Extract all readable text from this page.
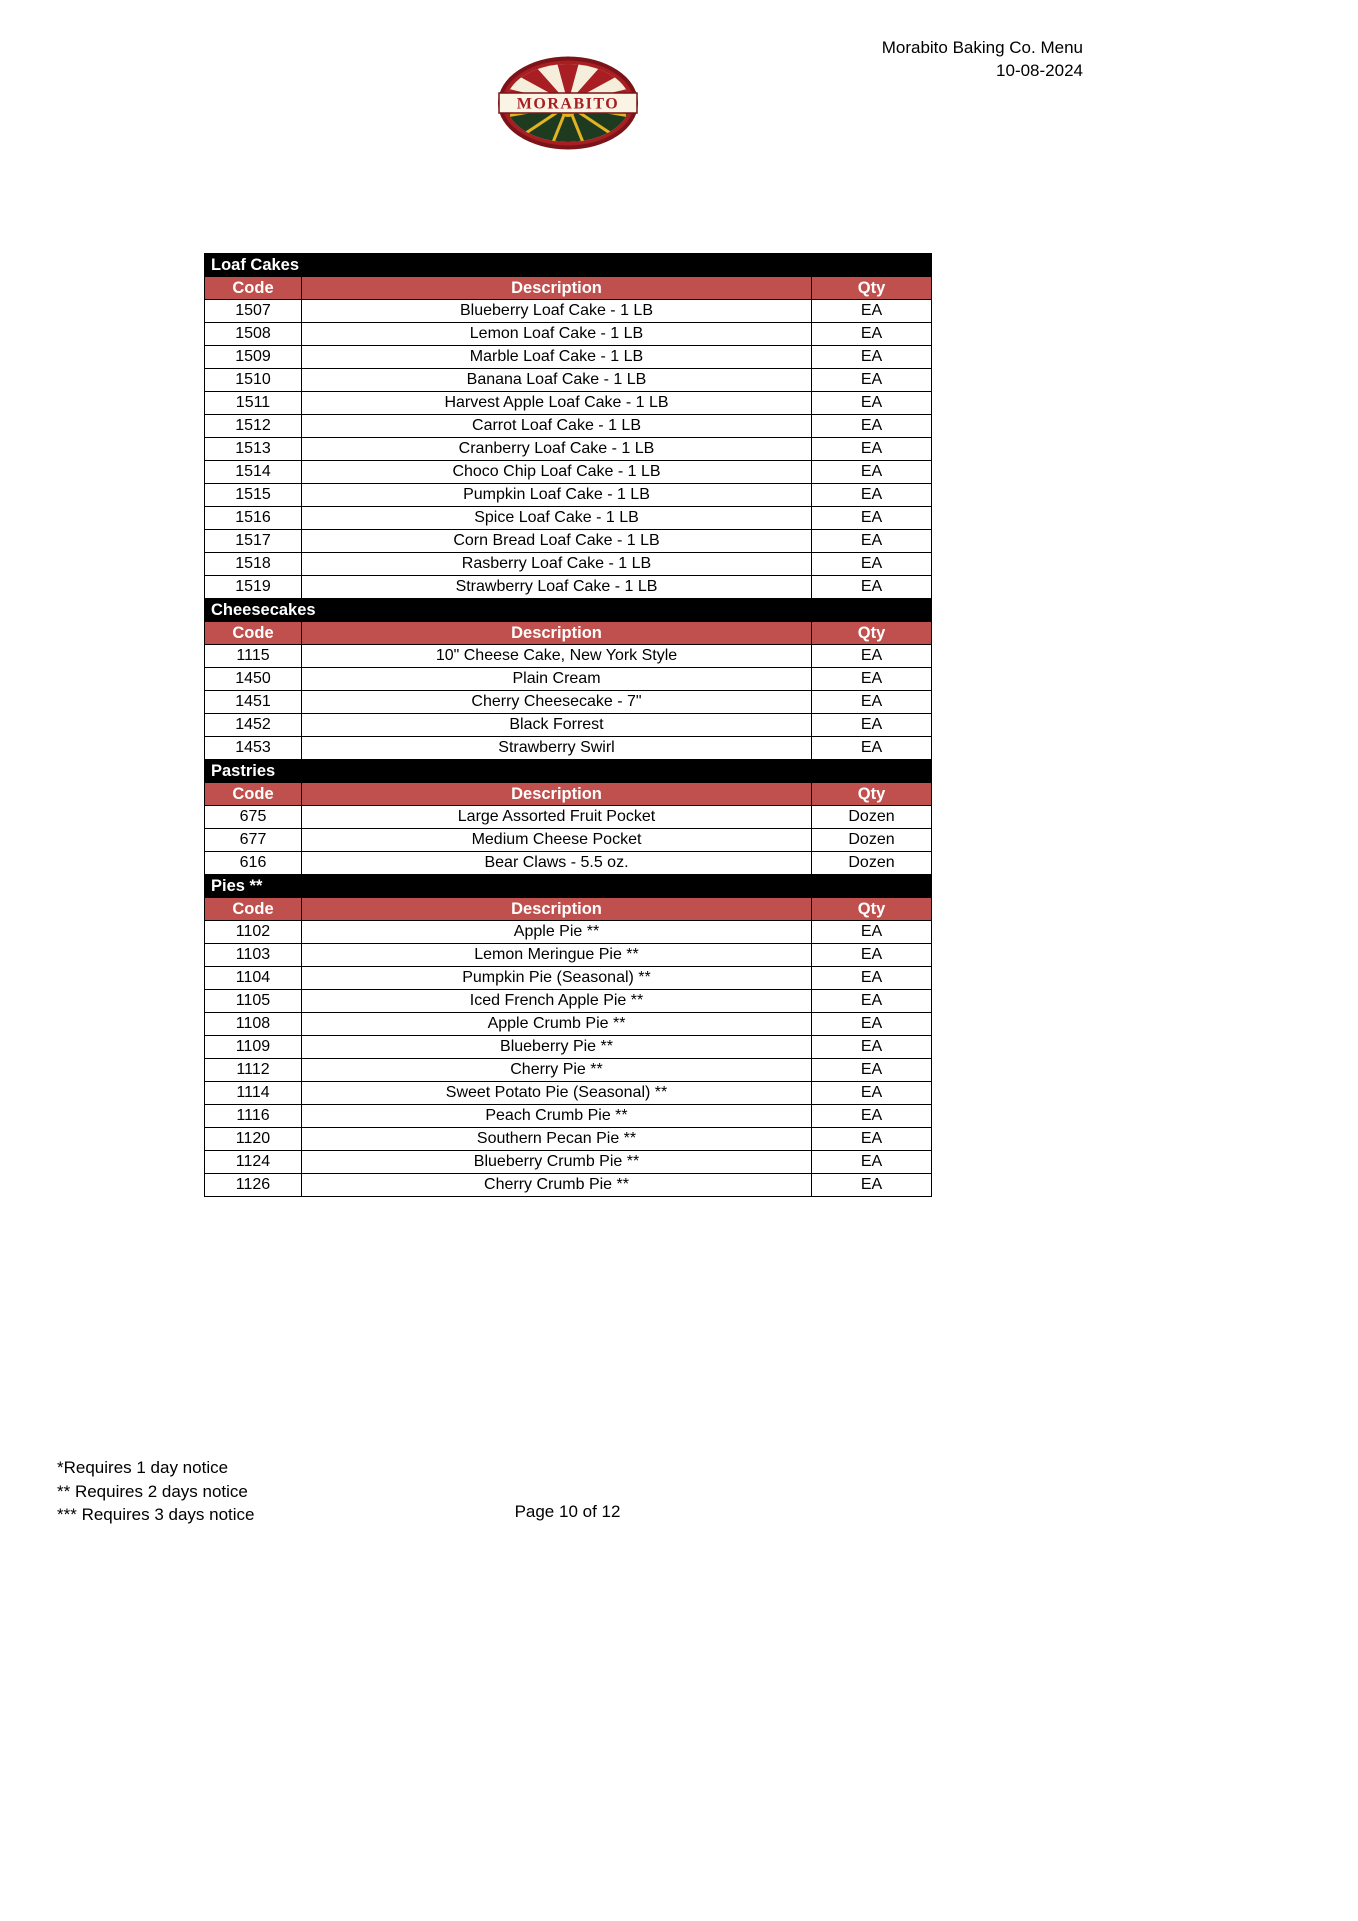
Morabito Baking Co. Menu
10-08-2024
MORABITO
Loaf Cakes		
Code	Description	Qty
1507	Blueberry Loaf Cake - 1 LB	EA
1508	Lemon Loaf Cake - 1 LB	EA
1509	Marble Loaf Cake - 1 LB	EA
1510	Banana Loaf Cake - 1 LB	EA
1511	Harvest Apple Loaf Cake - 1 LB	EA
1512	Carrot Loaf Cake - 1 LB	EA
1513	Cranberry Loaf Cake - 1 LB	EA
1514	Choco Chip Loaf Cake - 1 LB	EA
1515	Pumpkin Loaf Cake - 1 LB	EA
1516	Spice Loaf Cake - 1 LB	EA
1517	Corn Bread Loaf Cake - 1 LB	EA
1518	Rasberry Loaf Cake - 1 LB	EA
1519	Strawberry Loaf Cake - 1 LB	EA
Cheesecakes		
Code	Description	Qty
1115	10" Cheese Cake, New York Style	EA
1450	Plain Cream	EA
1451	Cherry Cheesecake - 7"	EA
1452	Black Forrest	EA
1453	Strawberry Swirl	EA
Pastries		
Code	Description	Qty
675	Large Assorted Fruit Pocket	Dozen
677	Medium Cheese Pocket	Dozen
616	Bear Claws - 5.5 oz.	Dozen
Pies **		
Code	Description	Qty
1102	Apple Pie **	EA
1103	Lemon Meringue Pie **	EA
1104	Pumpkin Pie (Seasonal) **	EA
1105	Iced French Apple Pie **	EA
1108	Apple Crumb Pie **	EA
1109	Blueberry Pie **	EA
1112	Cherry Pie **	EA
1114	Sweet Potato Pie (Seasonal) **	EA
1116	Peach Crumb Pie **	EA
1120	Southern Pecan Pie **	EA
1124	Blueberry Crumb Pie **	EA
1126	Cherry Crumb Pie **	EA
*Requires 1 day notice
** Requires 2 days notice
*** Requires 3 days notice	Page 10 of 12
